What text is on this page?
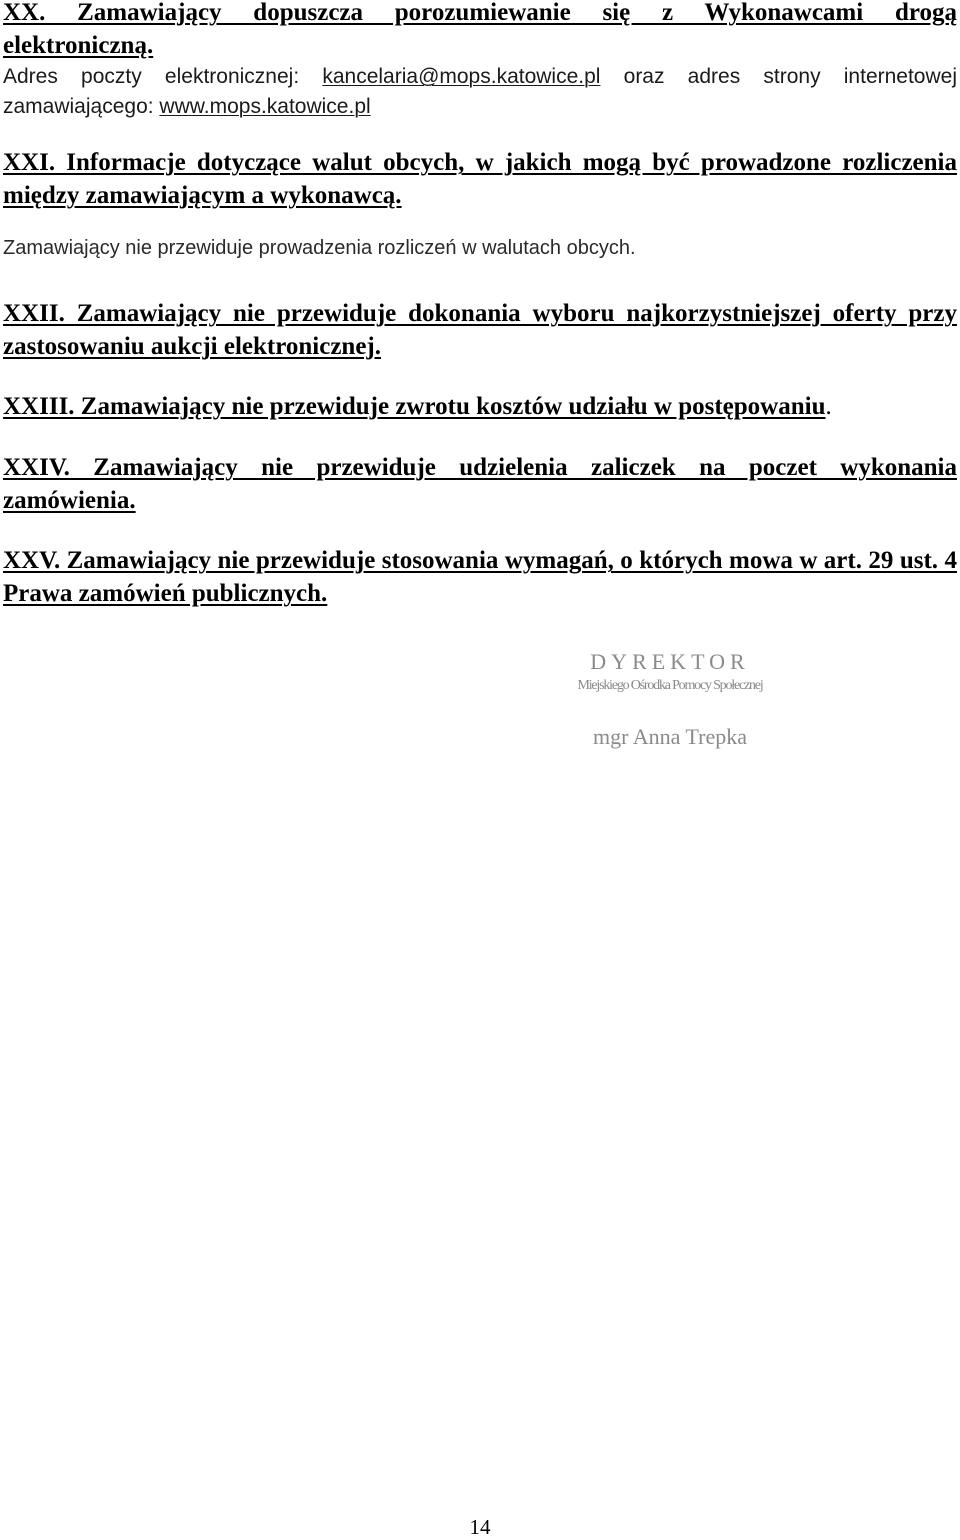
XX. Zamawiający dopuszcza porozumiewanie się z Wykonawcami drogą
elektroniczną.
Adres poczty elektronicznej: kancelaria@mops.katowice.pl oraz adres strony internetowej zamawiającego: www.mops.katowice.pl
XXI. Informacje dotyczące walut obcych, w jakich mogą być prowadzone rozliczenia między zamawiającym a wykonawcą.
Zamawiający nie przewiduje prowadzenia rozliczeń w walutach obcych.
XXII. Zamawiający nie przewiduje dokonania wyboru najkorzystniejszej oferty przy zastosowaniu aukcji elektronicznej.
XXIII. Zamawiający nie przewiduje zwrotu kosztów udziału w postępowaniu.
XXIV. Zamawiający nie przewiduje udzielenia zaliczek na poczet wykonania zamówienia.
XXV. Zamawiający nie przewiduje stosowania wymagań, o których mowa w art. 29 ust. 4 Prawa zamówień publicznych.
DYREKTOR
Miejskiego Ośrodka Pomocy Społecznej
mgr Anna Trepka
14
